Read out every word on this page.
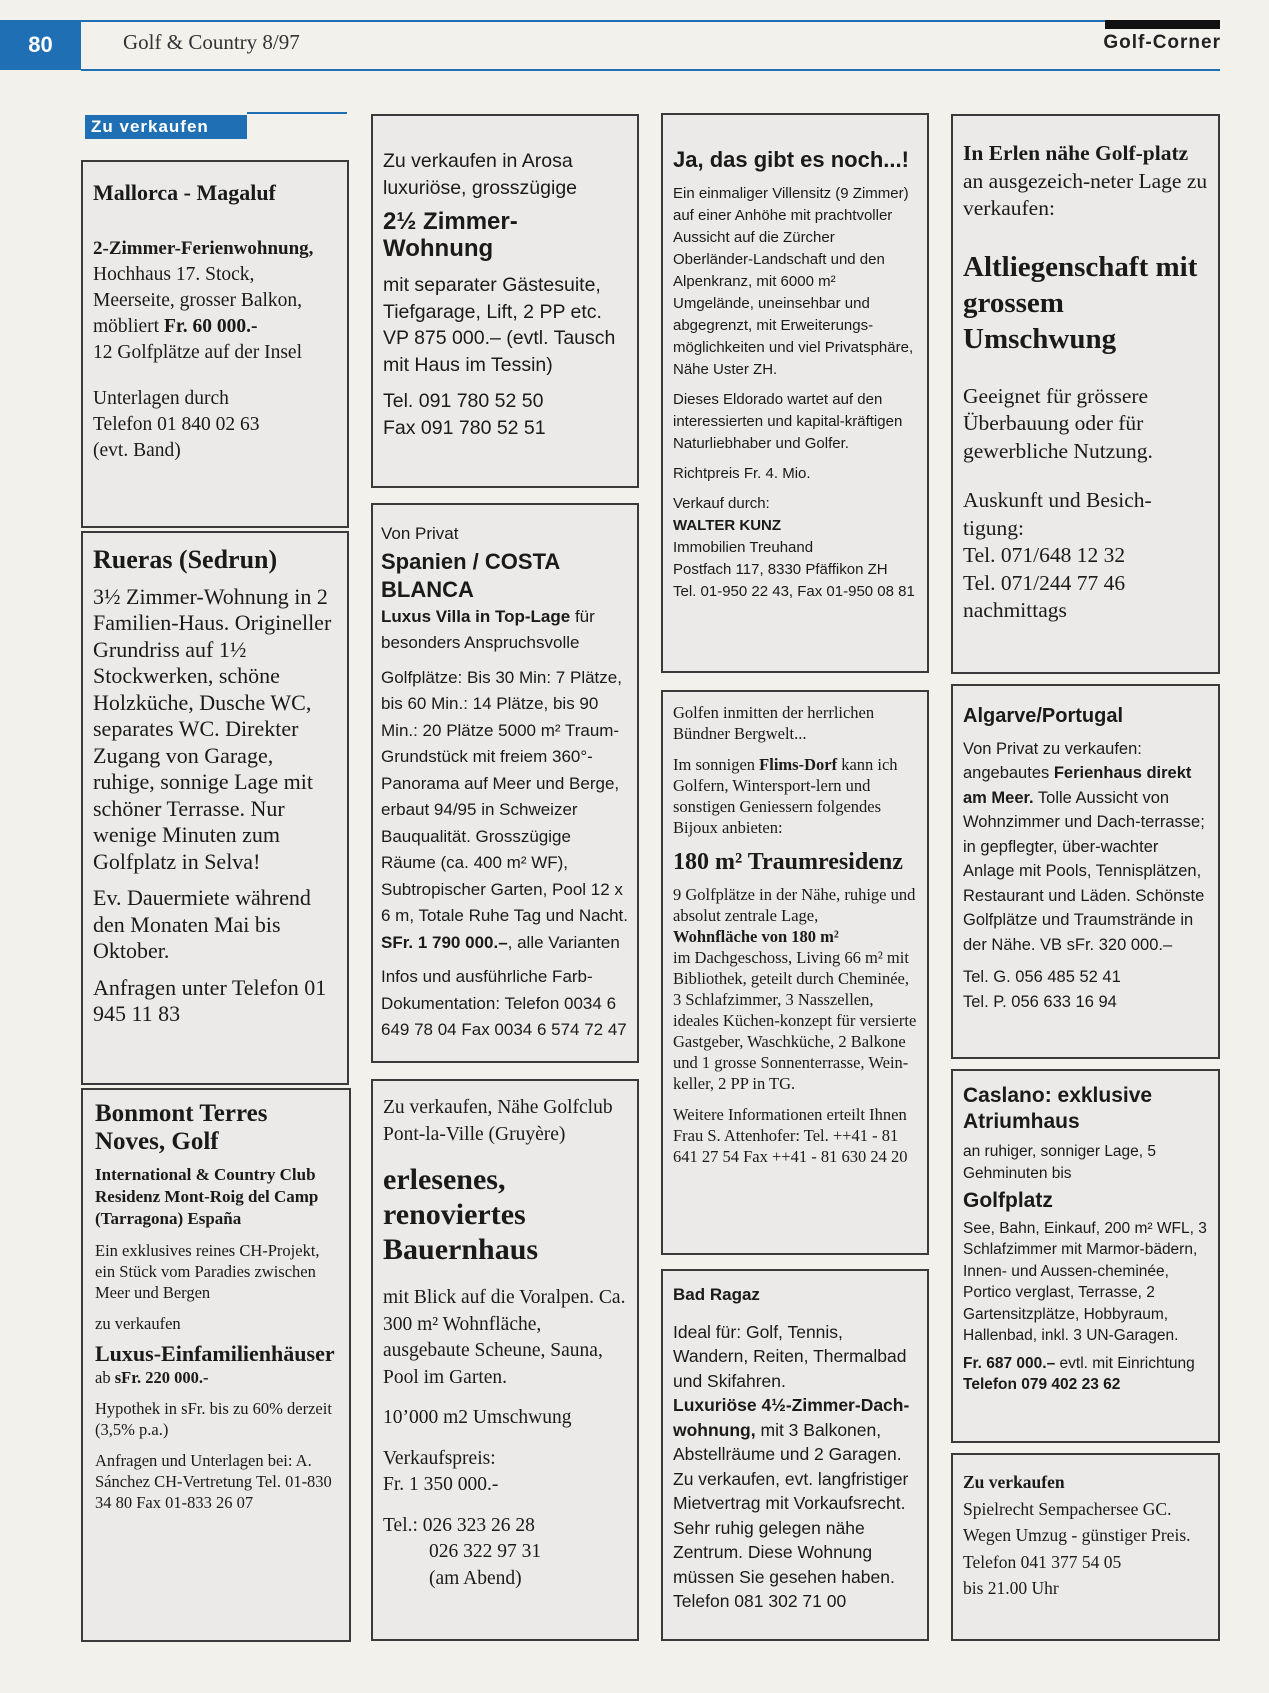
80	Golf & Country 8/97	Golf-Corner
Zu verkaufen

Mallorca - Magaluf

2-Zimmer-Ferienwohnung,

Hochhaus 17. Stock,

Meerseite, grosser Balkon,

möbliert Fr. 60 000.-

12 Golfplätze auf der Insel

Unterlagen durch

Telefon 01 840 02 63

(evt. Band)

Rueras (Sedrun)

3½ Zimmer-Wohnung in 2 Familien-Haus. Origineller Grundriss auf 1½ Stockwerken, schöne Holzküche, Dusche WC, separates WC. Direkter Zugang von Garage, ruhige, sonnige Lage mit schöner Terrasse. Nur wenige Minuten zum Golfplatz in Selva!

Ev. Dauermiete während den Monaten Mai bis Oktober.

Anfragen unter Telefon 01 945 11 83

Bonmont Terres Noves, Golf

International & Country Club Residenz Mont-Roig del Camp (Tarragona) España

Ein exklusives reines CH-Projekt, ein Stück vom Paradies zwischen Meer und Bergen

zu verkaufen

Luxus-Einfamilienhäuser

ab sFr. 220 000.-

Hypothek in sFr. bis zu 60% derzeit (3,5% p.a.)

Anfragen und Unterlagen bei: A. Sánchez CH-Vertretung Tel. 01-830 34 80 Fax 01-833 26 07

Zu verkaufen in Arosa

luxuriöse, grosszügige

2½ Zimmer-Wohnung

mit separater Gästesuite, Tiefgarage, Lift, 2 PP etc. VP 875 000.– (evtl. Tausch mit Haus im Tessin)

Tel. 091 780 52 50

Fax 091 780 52 51

Von Privat

Spanien / COSTA BLANCA

Luxus Villa in Top-Lage für besonders Anspruchsvolle

Golfplätze: Bis 30 Min: 7 Plätze, bis 60 Min.: 14 Plätze, bis 90 Min.: 20 Plätze 5000 m² Traum-Grundstück mit freiem 360°-Panorama auf Meer und Berge, erbaut 94/95 in Schweizer Bauqualität. Grosszügige Räume (ca. 400 m² WF), Subtropischer Garten, Pool 12 x 6 m, Totale Ruhe Tag und Nacht.

SFr. 1 790 000.–, alle Varianten

Infos und ausführliche Farb-Dokumentation: Telefon 0034 6 649 78 04 Fax 0034 6 574 72 47

Zu verkaufen, Nähe Golfclub Pont-la-Ville (Gruyère)

erlesenes, renoviertes Bauernhaus

mit Blick auf die Voralpen. Ca. 300 m² Wohnfläche, ausgebaute Scheune, Sauna, Pool im Garten.

10’000 m2 Umschwung

Verkaufspreis:

Fr. 1 350 000.-

Tel.: 026 323 26 28

026 322 97 31

(am Abend)

Ja, das gibt es noch...!

Ein einmaliger Villensitz (9 Zimmer) auf einer Anhöhe mit prachtvoller Aussicht auf die Zürcher Oberländer-Landschaft und den Alpenkranz, mit 6000 m² Umgelände, uneinsehbar und abgegrenzt, mit Erweiterungs-möglichkeiten und viel Privatsphäre, Nähe Uster ZH.

Dieses Eldorado wartet auf den interessierten und kapital-kräftigen Naturliebhaber und Golfer.

Richtpreis Fr. 4. Mio.

Verkauf durch:

WALTER KUNZ

Immobilien Treuhand

Postfach 117, 8330 Pfäffikon ZH

Tel. 01-950 22 43, Fax 01-950 08 81

Golfen inmitten der herrlichen Bündner Bergwelt...

Im sonnigen Flims-Dorf kann ich Golfern, Wintersport-lern und sonstigen Geniessern folgendes Bijoux anbieten:

180 m² Traumresidenz

9 Golfplätze in der Nähe, ruhige und absolut zentrale Lage,

Wohnfläche von 180 m²

im Dachgeschoss, Living 66 m² mit Bibliothek, geteilt durch Cheminée, 3 Schlafzimmer, 3 Nasszellen, ideales Küchen-konzept für versierte Gastgeber, Waschküche, 2 Balkone und 1 grosse Sonnenterrasse, Wein-keller, 2 PP in TG.

Weitere Informationen erteilt Ihnen Frau S. Attenhofer: Tel. ++41 - 81 641 27 54 Fax ++41 - 81 630 24 20

Bad Ragaz

Ideal für: Golf, Tennis, Wandern, Reiten, Thermalbad und Skifahren.

Luxuriöse 4½-Zimmer-Dach-wohnung, mit 3 Balkonen, Abstellräume und 2 Garagen. Zu verkaufen, evt. langfristiger Mietvertrag mit Vorkaufsrecht. Sehr ruhig gelegen nähe Zentrum. Diese Wohnung müssen Sie gesehen haben. Telefon 081 302 71 00

In Erlen nähe Golf-platz an ausgezeich-neter Lage zu verkaufen:

Altliegenschaft mit grossem Umschwung

Geeignet für grössere Überbauung oder für gewerbliche Nutzung.

Auskunft und Besich-tigung:

Tel. 071/648 12 32

Tel. 071/244 77 46

nachmittags

Algarve/Portugal

Von Privat zu verkaufen: angebautes Ferienhaus direkt am Meer. Tolle Aussicht von Wohnzimmer und Dach-terrasse; in gepflegter, über-wachter Anlage mit Pools, Tennisplätzen, Restaurant und Läden. Schönste Golfplätze und Traumstrände in der Nähe. VB sFr. 320 000.–

Tel. G. 056 485 52 41

Tel. P. 056 633 16 94

Caslano: exklusive Atriumhaus

an ruhiger, sonniger Lage, 5 Gehminuten bis

Golfplatz

See, Bahn, Einkauf, 200 m² WFL, 3 Schlafzimmer mit Marmor-bädern, Innen- und Aussen-cheminée, Portico verglast, Terrasse, 2 Gartensitzplätze, Hobbyraum, Hallenbad, inkl. 3 UN-Garagen.

Fr. 687 000.– evtl. mit Einrichtung

Telefon 079 402 23 62

Zu verkaufen

Spielrecht Sempachersee GC. Wegen Umzug - günstiger Preis.

Telefon 041 377 54 05

bis 21.00 Uhr
